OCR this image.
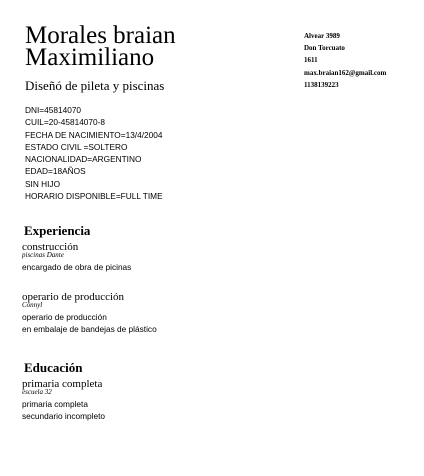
Morales braian
Maximiliano
Diseñó de pileta y piscinas
Alvear 3989
Don Torcuato
1611
max.braian162@gmail.com
1138139223
DNI=45814070
CUIL=20-45814070-8
FECHA DE NACIMIENTO=13/4/2004
ESTADO CIVIL =SOLTERO
NACIONALIDAD=ARGENTINO
EDAD=18AÑOS
SIN HIJO
HORARIO DISPONIBLE=FULL TIME
Experiencia
construcción
piscinas Dante
encargado de obra de picinas
operario de producción
Connyl
operario de producción
en embalaje de bandejas de plástico
Educación
primaria completa
escuela 32
primaria completa
secundario incompleto
